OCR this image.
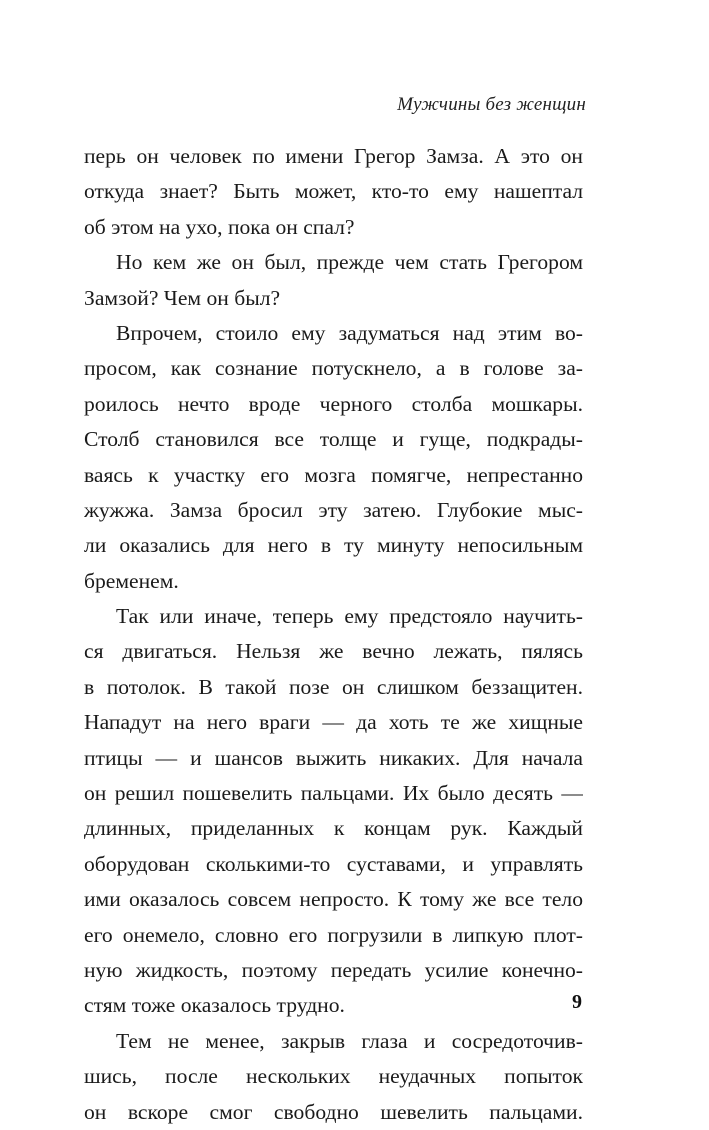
Мужчины без женщин
перь он человек по имени Грегор Замза. А это он
откуда знает? Быть может, кто-то ему нашептал
об этом на ухо, пока он спал?
Но кем же он был, прежде чем стать Грегором
Замзой? Чем он был?
Впрочем, стоило ему задуматься над этим во-
просом, как сознание потускнело, а в голове за-
роилось нечто вроде черного столба мошкары.
Столб становился все толще и гуще, подкрады-
ваясь к участку его мозга помягче, непрестанно
жужжа. Замза бросил эту затею. Глубокие мыс-
ли оказались для него в ту минуту непосильным
бременем.
Так или иначе, теперь ему предстояло научить-
ся двигаться. Нельзя же вечно лежать, пялясь
в потолок. В такой позе он слишком беззащитен.
Нападут на него враги — да хоть те же хищные
птицы — и шансов выжить никаких. Для начала
он решил пошевелить пальцами. Их было десять —
длинных, приделанных к концам рук. Каждый
оборудован сколькими-то суставами, и управлять
ими оказалось совсем непросто. К тому же все тело
его онемело, словно его погрузили в липкую плот-
ную жидкость, поэтому передать усилие конечно-
стям тоже оказалось трудно.
Тем не менее, закрыв глаза и сосредоточив-
шись, после нескольких неудачных попыток
он вскоре смог свободно шевелить пальцами.
9
